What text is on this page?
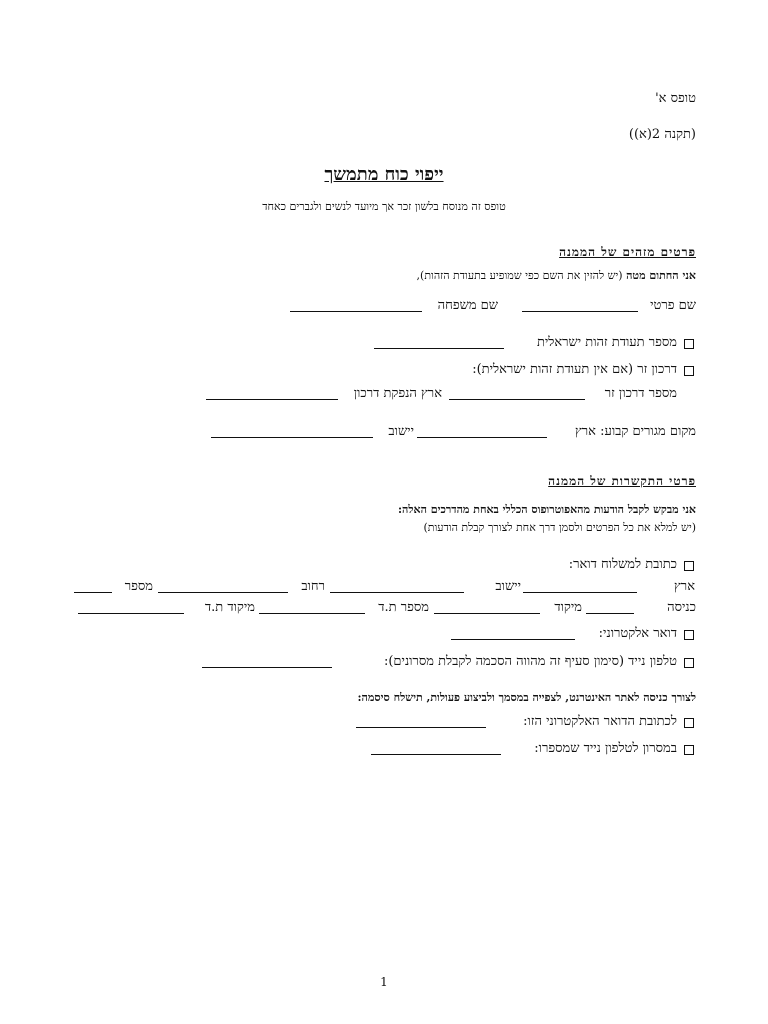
טופס א'
(תקנה 2(א))
ייפוי כוח מתמשך
טופס זה מנוסח בלשון זכר אך מיועד לנשים ולגברים כאחד
פרטים מזהים של הממנה
אני החתום מטה (יש להזין את השם כפי שמופיע בתעודת הזהות),
שם פרטי
שם משפחה
מספר תעודת זהות ישראלית
דרכון זר (אם אין תעודת זהות ישראלית):
מספר דרכון זר
ארץ הנפקת דרכון
מקום מגורים קבוע: ארץ
יישוב
פרטי התקשרות של הממנה
אני מבקש לקבל הודעות מהאפוטרופוס הכללי באחת מהדרכים האלה:
(יש למלא את כל הפרטים ולסמן דרך אחת לצורך קבלת הודעות)
כתובת למשלוח דואר:
ארץ
יישוב
רחוב
מספר
כניסה
מיקוד
מספר ת.ד
מיקוד ת.ד
דואר אלקטרוני:
טלפון נייד (סימון סעיף זה מהווה הסכמה לקבלת מסרונים):
לצורך כניסה לאתר האינטרנט, לצפייה במסמך ולביצוע פעולות, תישלח סיסמה:
לכתובת הדואר האלקטרוני הזו:
במסרון לטלפון נייד שמספרו:
1
